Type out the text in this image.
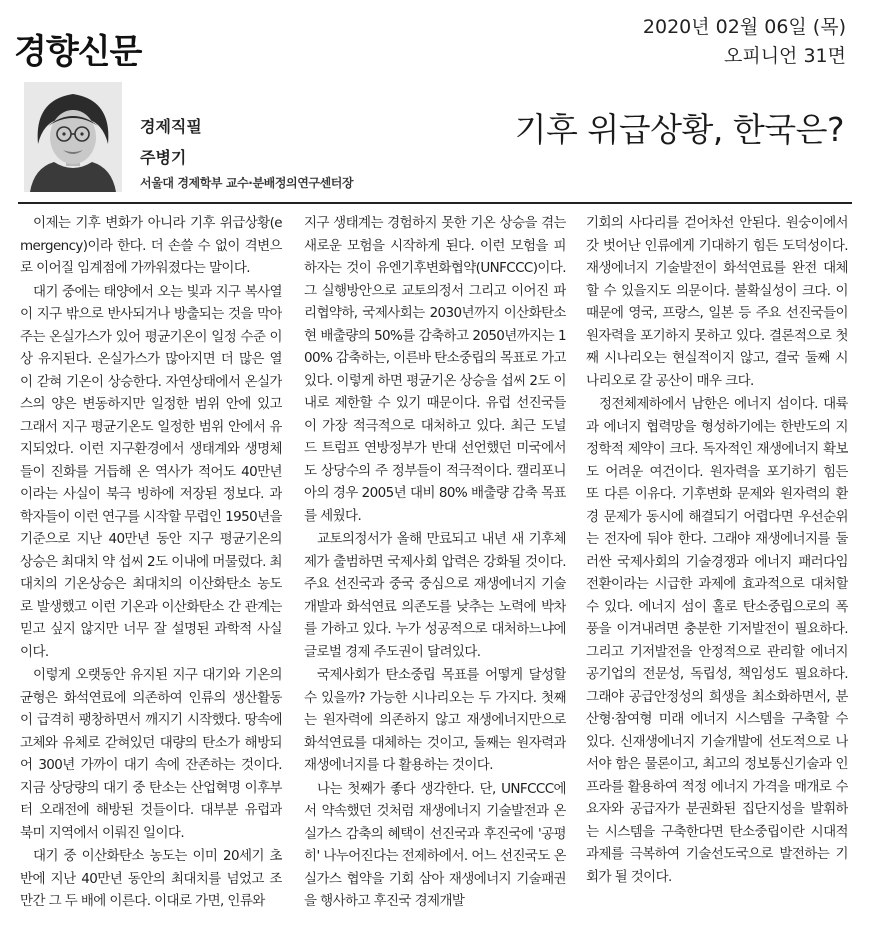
경향신문
2020년 02월 06일 (목)
오피니언 31면
경제직필
주병기
서울대 경제학부 교수·분배정의연구센터장
기후 위급상황, 한국은?

이제는 기후 변화가 아니라 기후 위급상황(emergency)이라 한다. 더 손쓸 수 없이 격변으로 이어질 임계점에 가까워졌다는 말이다.

대기 중에는 태양에서 오는 빛과 지구 복사열이 지구 밖으로 반사되거나 방출되는 것을 막아주는 온실가스가 있어 평균기온이 일정 수준 이상 유지된다. 온실가스가 많아지면 더 많은 열이 갇혀 기온이 상승한다. 자연상태에서 온실가스의 양은 변동하지만 일정한 범위 안에 있고 그래서 지구 평균기온도 일정한 범위 안에서 유지되었다. 이런 지구환경에서 생태계와 생명체들이 진화를 거듭해 온 역사가 적어도 40만년이라는 사실이 북극 빙하에 저장된 정보다. 과학자들이 이런 연구를 시작할 무렵인 1950년을 기준으로 지난 40만년 동안 지구 평균기온의 상승은 최대치 약 섭씨 2도 이내에 머물렀다. 최대치의 기온상승은 최대치의 이산화탄소 농도로 발생했고 이런 기온과 이산화탄소 간 관계는 믿고 싶지 않지만 너무 잘 설명된 과학적 사실이다.

이렇게 오랫동안 유지된 지구 대기와 기온의 균형은 화석연료에 의존하여 인류의 생산활동이 급격히 팽창하면서 깨지기 시작했다. 땅속에 고체와 유체로 갇혀있던 대량의 탄소가 해방되어 300년 가까이 대기 속에 잔존하는 것이다. 지금 상당량의 대기 중 탄소는 산업혁명 이후부터 오래전에 해방된 것들이다. 대부분 유럽과 북미 지역에서 이뤄진 일이다.

대기 중 이산화탄소 농도는 이미 20세기 초반에 지난 40만년 동안의 최대치를 넘었고 조만간 그 두 배에 이른다. 이대로 가면, 인류와

지구 생태계는 경험하지 못한 기온 상승을 겪는 새로운 모험을 시작하게 된다. 이런 모험을 피하자는 것이 유엔기후변화협약(UNFCCC)이다. 그 실행방안으로 교토의정서 그리고 이어진 파리협약하, 국제사회는 2030년까지 이산화탄소 현 배출량의 50%를 감축하고 2050년까지는 100% 감축하는, 이른바 탄소중립의 목표로 가고 있다. 이렇게 하면 평균기온 상승을 섭씨 2도 이내로 제한할 수 있기 때문이다. 유럽 선진국들이 가장 적극적으로 대처하고 있다. 최근 도널드 트럼프 연방정부가 반대 선언했던 미국에서도 상당수의 주 정부들이 적극적이다. 캘리포니아의 경우 2005년 대비 80% 배출량 감축 목표를 세웠다.

교토의정서가 올해 만료되고 내년 새 기후체제가 출범하면 국제사회 압력은 강화될 것이다. 주요 선진국과 중국 중심으로 재생에너지 기술개발과 화석연료 의존도를 낮추는 노력에 박차를 가하고 있다. 누가 성공적으로 대처하느냐에 글로벌 경제 주도권이 달려있다.

국제사회가 탄소중립 목표를 어떻게 달성할 수 있을까? 가능한 시나리오는 두 가지다. 첫째는 원자력에 의존하지 않고 재생에너지만으로 화석연료를 대체하는 것이고, 둘째는 원자력과 재생에너지를 다 활용하는 것이다.

나는 첫째가 좋다 생각한다. 단, UNFCCC에서 약속했던 것처럼 재생에너지 기술발전과 온실가스 감축의 혜택이 선진국과 후진국에 '공평히' 나누어진다는 전제하에서. 어느 선진국도 온실가스 협약을 기회 삼아 재생에너지 기술패권을 행사하고 후진국 경제개발

기회의 사다리를 걷어차선 안된다. 원숭이에서 갓 벗어난 인류에게 기대하기 힘든 도덕성이다. 재생에너지 기술발전이 화석연료를 완전 대체할 수 있을지도 의문이다. 불확실성이 크다. 이 때문에 영국, 프랑스, 일본 등 주요 선진국들이 원자력을 포기하지 못하고 있다. 결론적으로 첫째 시나리오는 현실적이지 않고, 결국 둘째 시나리오로 갈 공산이 매우 크다.

정전체제하에서 남한은 에너지 섬이다. 대륙과 에너지 협력망을 형성하기에는 한반도의 지정학적 제약이 크다. 독자적인 재생에너지 확보도 어려운 여건이다. 원자력을 포기하기 힘든 또 다른 이유다. 기후변화 문제와 원자력의 환경 문제가 동시에 해결되기 어렵다면 우선순위는 전자에 둬야 한다. 그래야 재생에너지를 둘러싼 국제사회의 기술경쟁과 에너지 패러다임 전환이라는 시급한 과제에 효과적으로 대처할 수 있다. 에너지 섬이 홀로 탄소중립으로의 폭풍을 이겨내려면 충분한 기저발전이 필요하다. 그리고 기저발전을 안정적으로 관리할 에너지 공기업의 전문성, 독립성, 책임성도 필요하다. 그래야 공급안정성의 희생을 최소화하면서, 분산형·참여형 미래 에너지 시스템을 구축할 수 있다. 신재생에너지 기술개발에 선도적으로 나서야 함은 물론이고, 최고의 정보통신기술과 인프라를 활용하여 적정 에너지 가격을 매개로 수요자와 공급자가 분권화된 집단지성을 발휘하는 시스템을 구축한다면 탄소중립이란 시대적 과제를 극복하여 기술선도국으로 발전하는 기회가 될 것이다.
